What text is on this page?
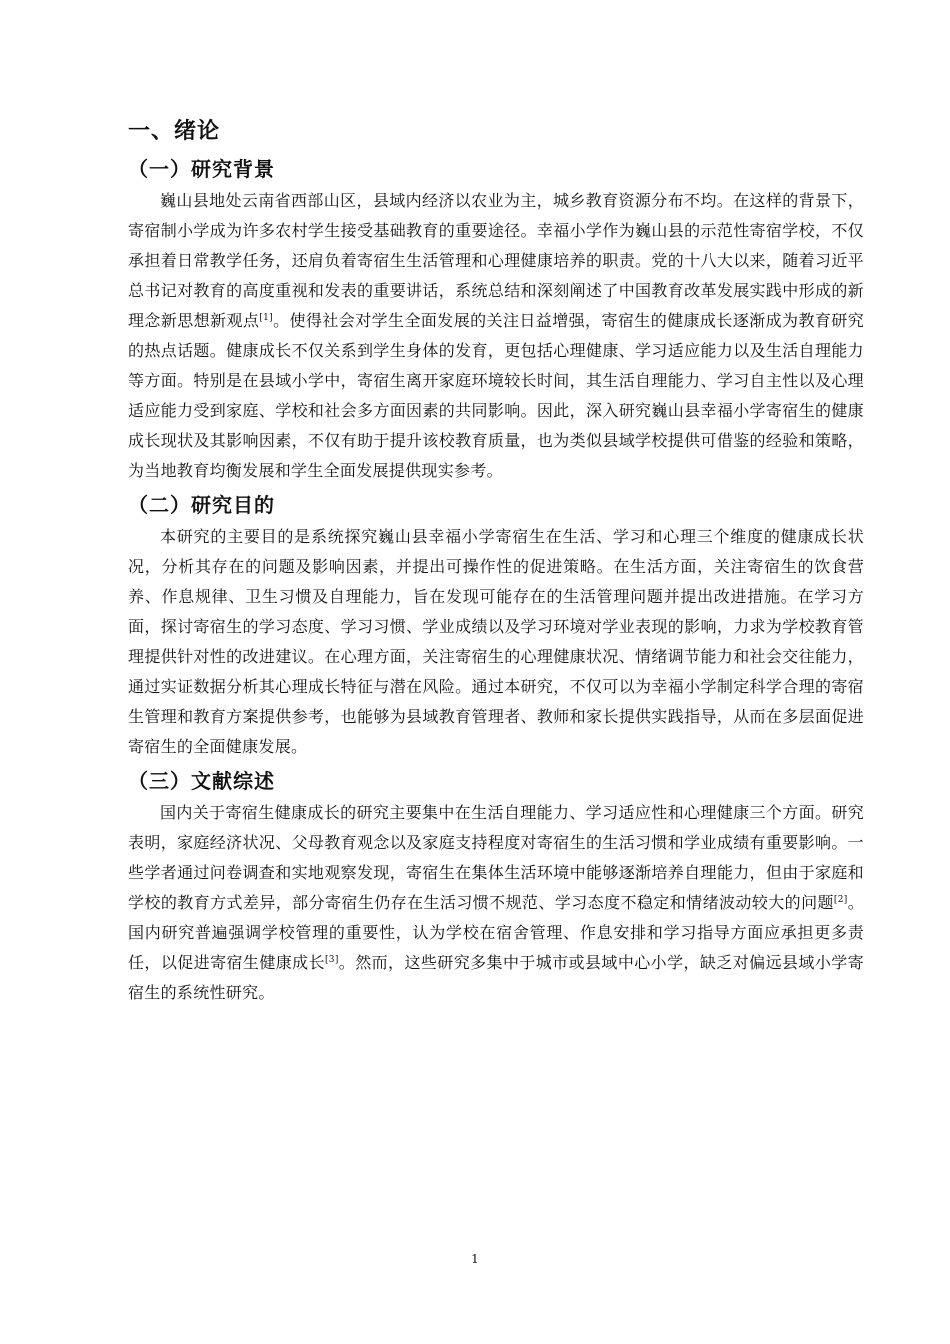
一、绪论
（一）研究背景

巍山县地处云南省西部山区，县域内经济以农业为主，城乡教育资源分布不均。在这样的背景下，寄宿制小学成为许多农村学生接受基础教育的重要途径。幸福小学作为巍山县的示范性寄宿学校，不仅承担着日常教学任务，还肩负着寄宿生生活管理和心理健康培养的职责。党的十八大以来，随着习近平总书记对教育的高度重视和发表的重要讲话，系统总结和深刻阐述了中国教育改革发展实践中形成的新理念新思想新观点[1]。使得社会对学生全面发展的关注日益增强，寄宿生的健康成长逐渐成为教育研究的热点话题。健康成长不仅关系到学生身体的发育，更包括心理健康、学习适应能力以及生活自理能力等方面。特别是在县域小学中，寄宿生离开家庭环境较长时间，其生活自理能力、学习自主性以及心理适应能力受到家庭、学校和社会多方面因素的共同影响。因此，深入研究巍山县幸福小学寄宿生的健康成长现状及其影响因素，不仅有助于提升该校教育质量，也为类似县域学校提供可借鉴的经验和策略，为当地教育均衡发展和学生全面发展提供现实参考。

（二）研究目的

本研究的主要目的是系统探究巍山县幸福小学寄宿生在生活、学习和心理三个维度的健康成长状况，分析其存在的问题及影响因素，并提出可操作性的促进策略。在生活方面，关注寄宿生的饮食营养、作息规律、卫生习惯及自理能力，旨在发现可能存在的生活管理问题并提出改进措施。在学习方面，探讨寄宿生的学习态度、学习习惯、学业成绩以及学习环境对学业表现的影响，力求为学校教育管理提供针对性的改进建议。在心理方面，关注寄宿生的心理健康状况、情绪调节能力和社会交往能力，通过实证数据分析其心理成长特征与潜在风险。通过本研究，不仅可以为幸福小学制定科学合理的寄宿生管理和教育方案提供参考，也能够为县域教育管理者、教师和家长提供实践指导，从而在多层面促进寄宿生的全面健康发展。

（三）文献综述

国内关于寄宿生健康成长的研究主要集中在生活自理能力、学习适应性和心理健康三个方面。研究表明，家庭经济状况、父母教育观念以及家庭支持程度对寄宿生的生活习惯和学业成绩有重要影响。一些学者通过问卷调查和实地观察发现，寄宿生在集体生活环境中能够逐渐培养自理能力，但由于家庭和学校的教育方式差异，部分寄宿生仍存在生活习惯不规范、学习态度不稳定和情绪波动较大的问题[2]。国内研究普遍强调学校管理的重要性，认为学校在宿舍管理、作息安排和学习指导方面应承担更多责任，以促进寄宿生健康成长[3]。然而，这些研究多集中于城市或县域中心小学，缺乏对偏远县域小学寄宿生的系统性研究。

1
